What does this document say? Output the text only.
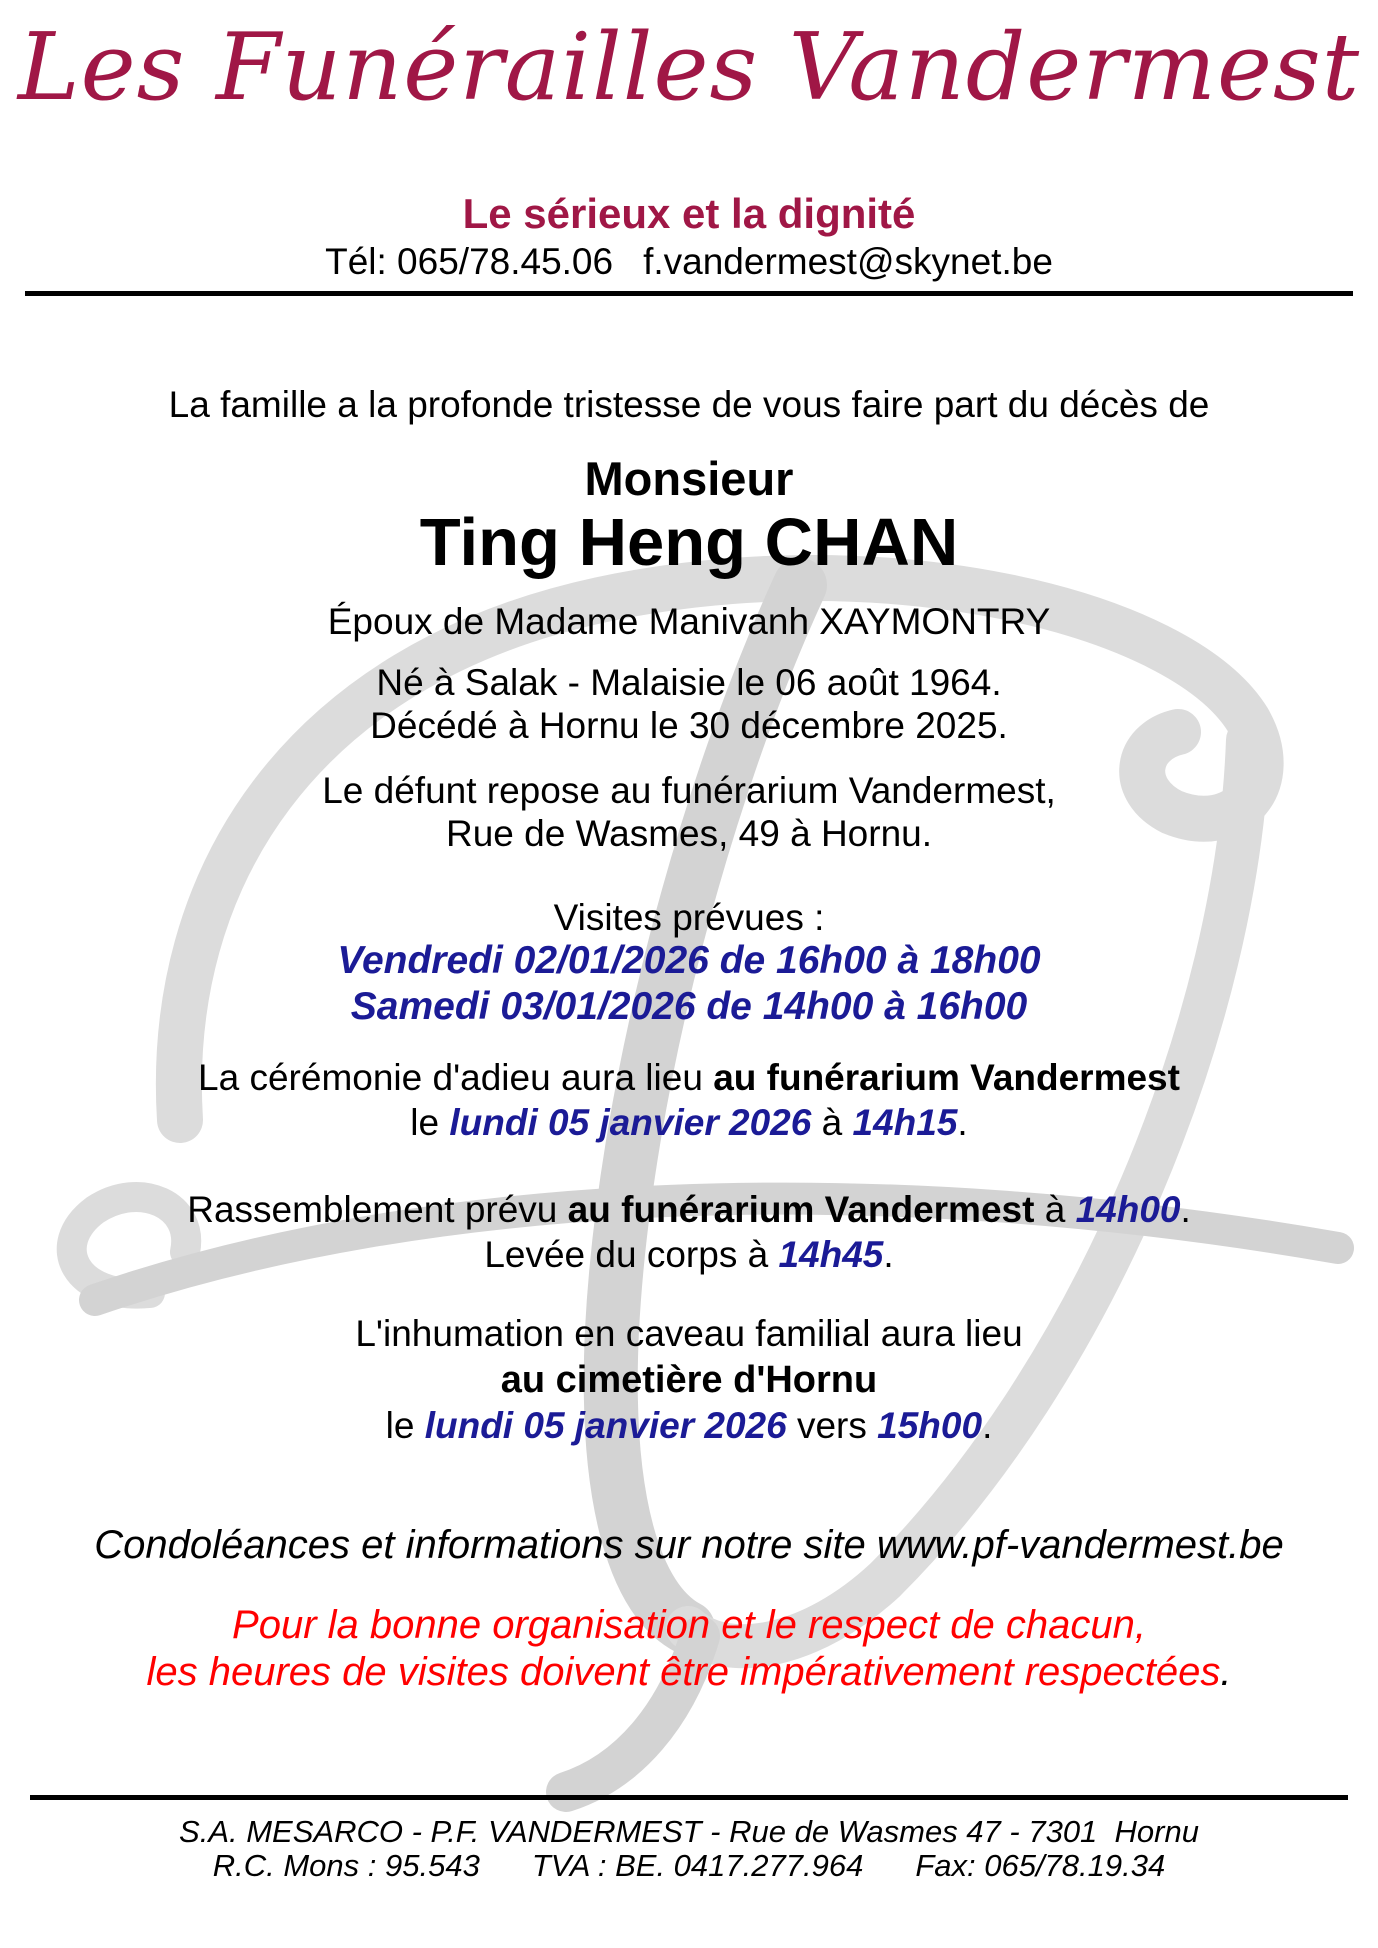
Les Funérailles Vandermest
Le sérieux et la dignité
Tél: 065/78.45.06 f.vandermest@skynet.be
La famille a la profonde tristesse de vous faire part du décès de
Monsieur
Ting Heng CHAN
Époux de Madame Manivanh XAYMONTRY
Né à Salak - Malaisie le 06 août 1964.
Décédé à Hornu le 30 décembre 2025.
Le défunt repose au funérarium Vandermest,
Rue de Wasmes, 49 à Hornu.
Visites prévues :
Vendredi 02/01/2026 de 16h00 à 18h00
Samedi 03/01/2026 de 14h00 à 16h00
La cérémonie d'adieu aura lieu au funérarium Vandermest
le lundi 05 janvier 2026 à 14h15.
Rassemblement prévu au funérarium Vandermest à 14h00.
Levée du corps à 14h45.
L'inhumation en caveau familial aura lieu
au cimetière d'Hornu
le lundi 05 janvier 2026 vers 15h00.
Condoléances et informations sur notre site www.pf-vandermest.be
Pour la bonne organisation et le respect de chacun,
les heures de visites doivent être impérativement respectées.
S.A. MESARCO - P.F. VANDERMEST - Rue de Wasmes 47 - 7301  Hornu
R.C. Mons : 95.543 TVA : BE. 0417.277.964 Fax: 065/78.19.34
